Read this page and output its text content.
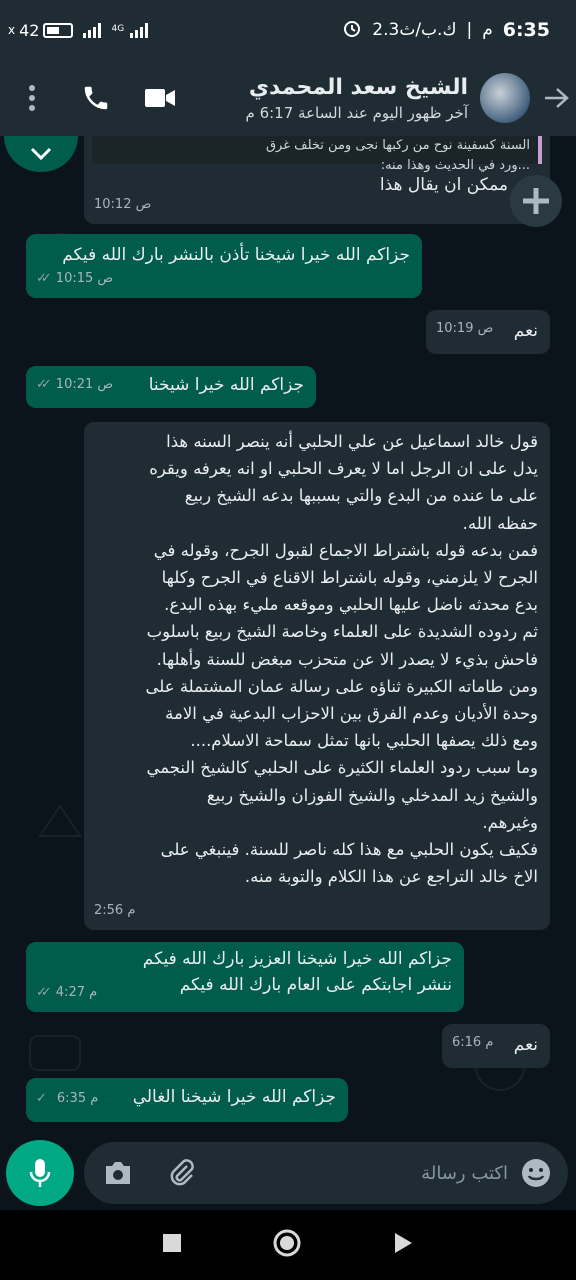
x 42	4G	2.3ك.ب/ث | م 6:35
الشيخ سعد المحمدي
آخر ظهور اليوم عند الساعة 6:17 م
السنة كسفينة نوح من ركبها نجى ومن تخلف غرق
...ورد في الحديث وهذا منه:
ممكن ان يقال هذا
10:12 ص
جزاكم الله خيرا شيخنا تأذن بالنشر بارك الله فيكم
✓✓ 10:15 ص
نعم
10:19 ص
جزاكم الله خيرا شيخنا
✓✓ 10:21 ص
قول خالد اسماعيل عن علي الحلبي أنه ينصر السنه هذا
يدل على ان الرجل اما لا يعرف الحلبي او انه يعرفه ويقره
على ما عنده من البدع والتي بسببها بدعه الشيخ ربيع
حفظه الله.
فمن بدعه قوله باشتراط الاجماع لقبول الجرح، وقوله في
الجرح لا يلزمني، وقوله باشتراط الاقناع في الجرح وكلها
بدع محدثه ناضل عليها الحلبي وموقعه مليء بهذه البدع.
ثم ردوده الشديدة على العلماء وخاصة الشيخ ربيع باسلوب
فاحش بذيء لا يصدر الا عن متحزب مبغض للسنة وأهلها.
ومن طاماته الكبيرة ثناؤه على رسالة عمان المشتملة على
وحدة الأديان وعدم الفرق بين الاحزاب البدعية في الامة
ومع ذلك يصفها الحلبي بانها تمثل سماحة الاسلام....
وما سبب ردود العلماء الكثيرة على الحلبي كالشيخ النجمي
والشيخ زيد المدخلي والشيخ الفوزان والشيخ ربيع
وغيرهم.
فكيف يكون الحلبي مع هذا كله ناصر للسنة. فينبغي على
الاخ خالد التراجع عن هذا الكلام والتوبة منه.
2:56 م
جزاكم الله خيرا شيخنا العزيز بارك الله فيكم
ننشر اجابتكم على العام بارك الله فيكم
✓✓ 4:27 م
نعم
6:16 م
جزاكم الله خيرا شيخنا الغالي
✓ 6:35 م
اكتب رسالة
